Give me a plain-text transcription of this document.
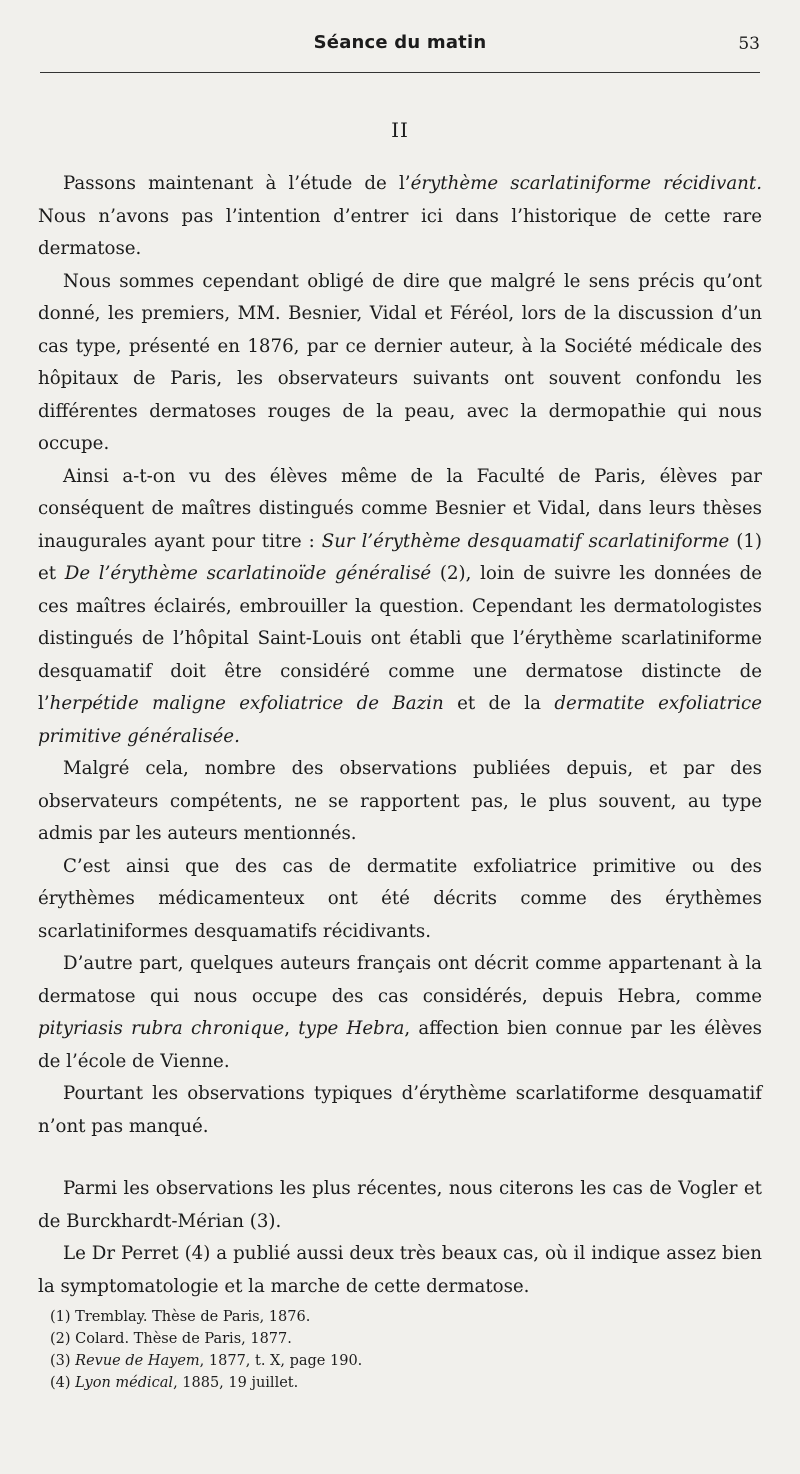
Séance du matin	53
II

Passons maintenant à l’étude de l’érythème scarlatiniforme récidivant. Nous n’avons pas l’intention d’entrer ici dans l’historique de cette rare dermatose.

Nous sommes cependant obligé de dire que malgré le sens précis qu’ont donné, les premiers, MM. Besnier, Vidal et Féréol, lors de la discussion d’un cas type, présenté en 1876, par ce dernier auteur, à la Société médicale des hôpitaux de Paris, les observateurs suivants ont souvent confondu les différentes dermatoses rouges de la peau, avec la dermopathie qui nous occupe.

Ainsi a-t-on vu des élèves même de la Faculté de Paris, élèves par conséquent de maîtres distingués comme Besnier et Vidal, dans leurs thèses inaugurales ayant pour titre : Sur l’érythème desquamatif scarlatiniforme (1) et De l’érythème scarlatinoïde généralisé (2), loin de suivre les données de ces maîtres éclairés, embrouiller la question. Cependant les dermatologistes distingués de l’hôpital Saint-Louis ont établi que l’érythème scarlatiniforme desquamatif doit être considéré comme une dermatose distincte de l’herpétide maligne exfoliatrice de Bazin et de la dermatite exfoliatrice primitive généralisée.

Malgré cela, nombre des observations publiées depuis, et par des observateurs compétents, ne se rapportent pas, le plus souvent, au type admis par les auteurs mentionnés.

C’est ainsi que des cas de dermatite exfoliatrice primitive ou des érythèmes médicamenteux ont été décrits comme des érythèmes scarlatiniformes desquamatifs récidivants.

D’autre part, quelques auteurs français ont décrit comme appartenant à la dermatose qui nous occupe des cas considérés, depuis Hebra, comme pityriasis rubra chronique, type Hebra, affection bien connue par les élèves de l’école de Vienne.

Pourtant les observations typiques d’érythème scarlatiforme desquamatif n’ont pas manqué.

Parmi les observations les plus récentes, nous citerons les cas de Vogler et de Burckhardt-Mérian (3).

Le Dr Perret (4) a publié aussi deux très beaux cas, où il indique assez bien la symptomatologie et la marche de cette dermatose.

(1) Tremblay. Thèse de Paris, 1876.
(2) Colard. Thèse de Paris, 1877.
(3) Revue de Hayem, 1877, t. X, page 190.
(4) Lyon médical, 1885, 19 juillet.
